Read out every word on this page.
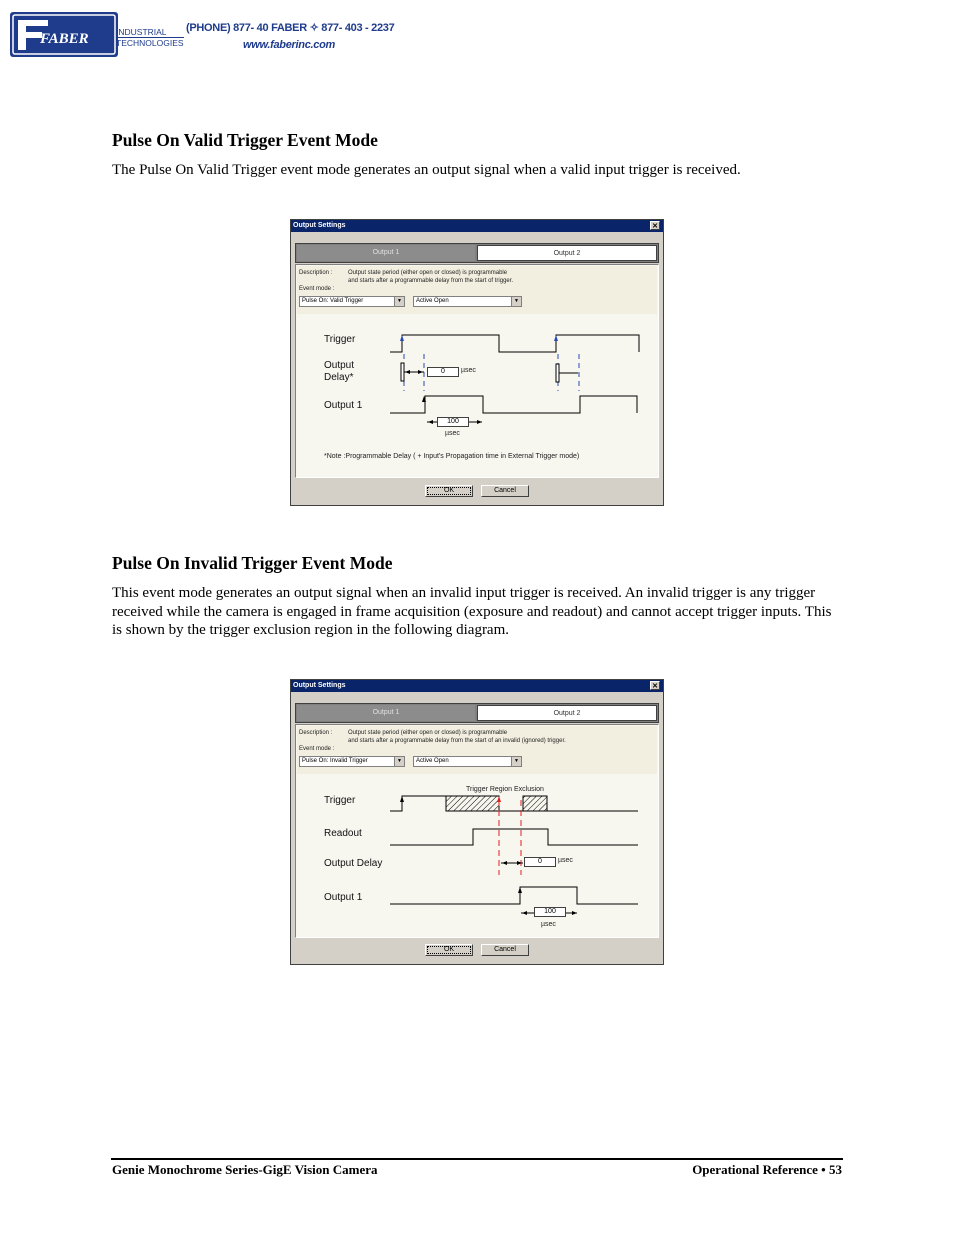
FABER	INDUSTRIAL
TECHNOLOGIES
(PHONE) 877- 40 FABER ✧ 877- 403 - 2237
www.faberinc.com
Pulse On Valid Trigger Event Mode

The Pulse On Valid Trigger event mode generates an output signal when a valid input trigger is received.

Output Settings	✕
Output 1	Output 2
Description :	Output state period (either open or closed) is programmable
and starts after a programmable delay from the start of trigger.
Event mode :
Pulse On: Valid Trigger	▼	Active Open	▼
Trigger
Output
Delay*
Output 1
0	µsec
100
µsec
*Note :Programmable Delay ( + Input's Propagation time in External Trigger mode)
OK	Cancel
Pulse On Invalid Trigger Event Mode

This event mode generates an output signal when an invalid input trigger is received. An invalid trigger is any trigger received while the camera is engaged in frame acquisition (exposure and readout) and cannot accept trigger inputs. This is shown by the trigger exclusion region in the following diagram.

Output Settings	✕
Output 1	Output 2
Description :	Output state period (either open or closed) is programmable
and starts after a programmable delay from the start of an invalid (ignored) trigger.
Event mode :
Pulse On: Invalid Trigger	▼	Active Open	▼
Trigger Region Exclusion
Trigger
Readout
Output Delay
Output 1
0	µsec
100
µsec
OK	Cancel
Genie Monochrome Series-GigE Vision Camera	Operational Reference • 53
